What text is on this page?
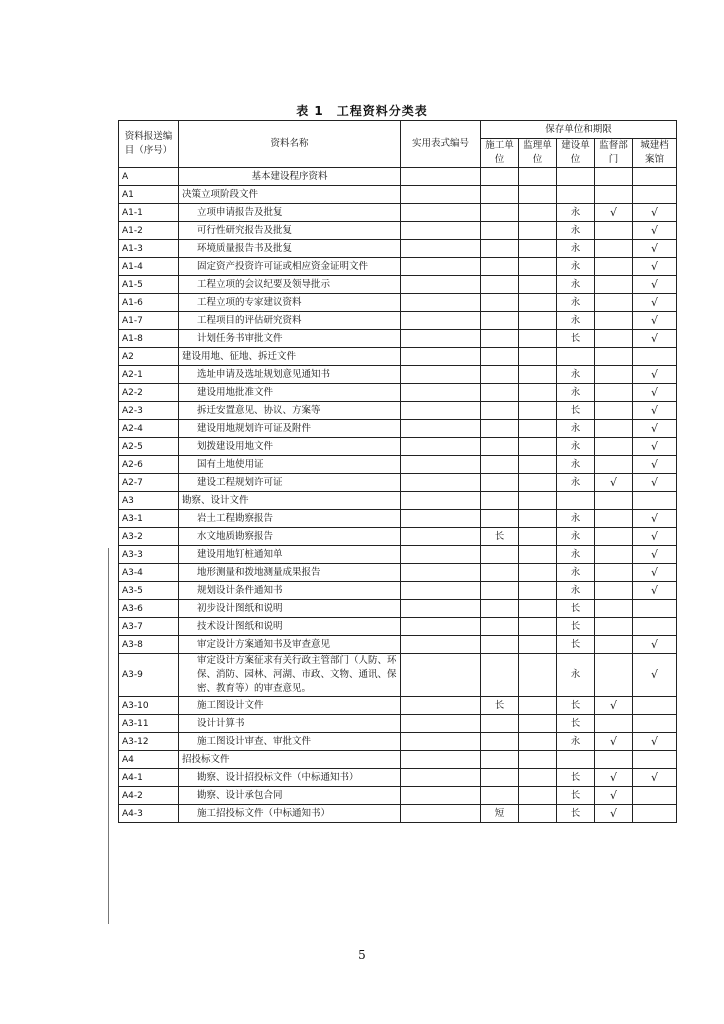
表 1　工程资料分类表
资料报送编目（序号）	资料名称	实用表式编号	保存单位和期限				
			施工单位	监理单位	建设单位	监督部门	城建档案馆
A	基本建设程序资料						
A1	决策立项阶段文件						
A1-1	立项申请报告及批复				永	√	√
A1-2	可行性研究报告及批复				永		√
A1-3	环境质量报告书及批复				永		√
A1-4	固定资产投资许可证或相应资金证明文件				永		√
A1-5	工程立项的会议纪要及领导批示				永		√
A1-6	工程立项的专家建议资料				永		√
A1-7	工程项目的评估研究资料				永		√
A1-8	计划任务书审批文件				长		√
A2	建设用地、征地、拆迁文件						
A2-1	选址申请及选址规划意见通知书				永		√
A2-2	建设用地批准文件				永		√
A2-3	拆迁安置意见、协议、方案等				长		√
A2-4	建设用地规划许可证及附件				永		√
A2-5	划拨建设用地文件				永		√
A2-6	国有土地使用证				永		√
A2-7	建设工程规划许可证				永	√	√
A3	勘察、设计文件						
A3-1	岩土工程勘察报告				永		√
A3-2	水文地质勘察报告		长		永		√
A3-3	建设用地钉桩通知单				永		√
A3-4	地形测量和拨地测量成果报告				永		√
A3-5	规划设计条件通知书				永		√
A3-6	初步设计图纸和说明				长		
A3-7	技术设计图纸和说明				长		
A3-8	审定设计方案通知书及审查意见				长		√
A3-9	审定设计方案征求有关行政主管部门（人防、环保、消防、园林、河湖、市政、文物、通讯、保密、教育等）的审查意见。				永		√
A3-10	施工图设计文件		长		长	√	
A3-11	设计计算书				长		
A3-12	施工图设计审查、审批文件				永	√	√
A4	招投标文件						
A4-1	勘察、设计招投标文件（中标通知书）				长	√	√
A4-2	勘察、设计承包合同				长	√	
A4-3	施工招投标文件（中标通知书）		短		长	√	
5
